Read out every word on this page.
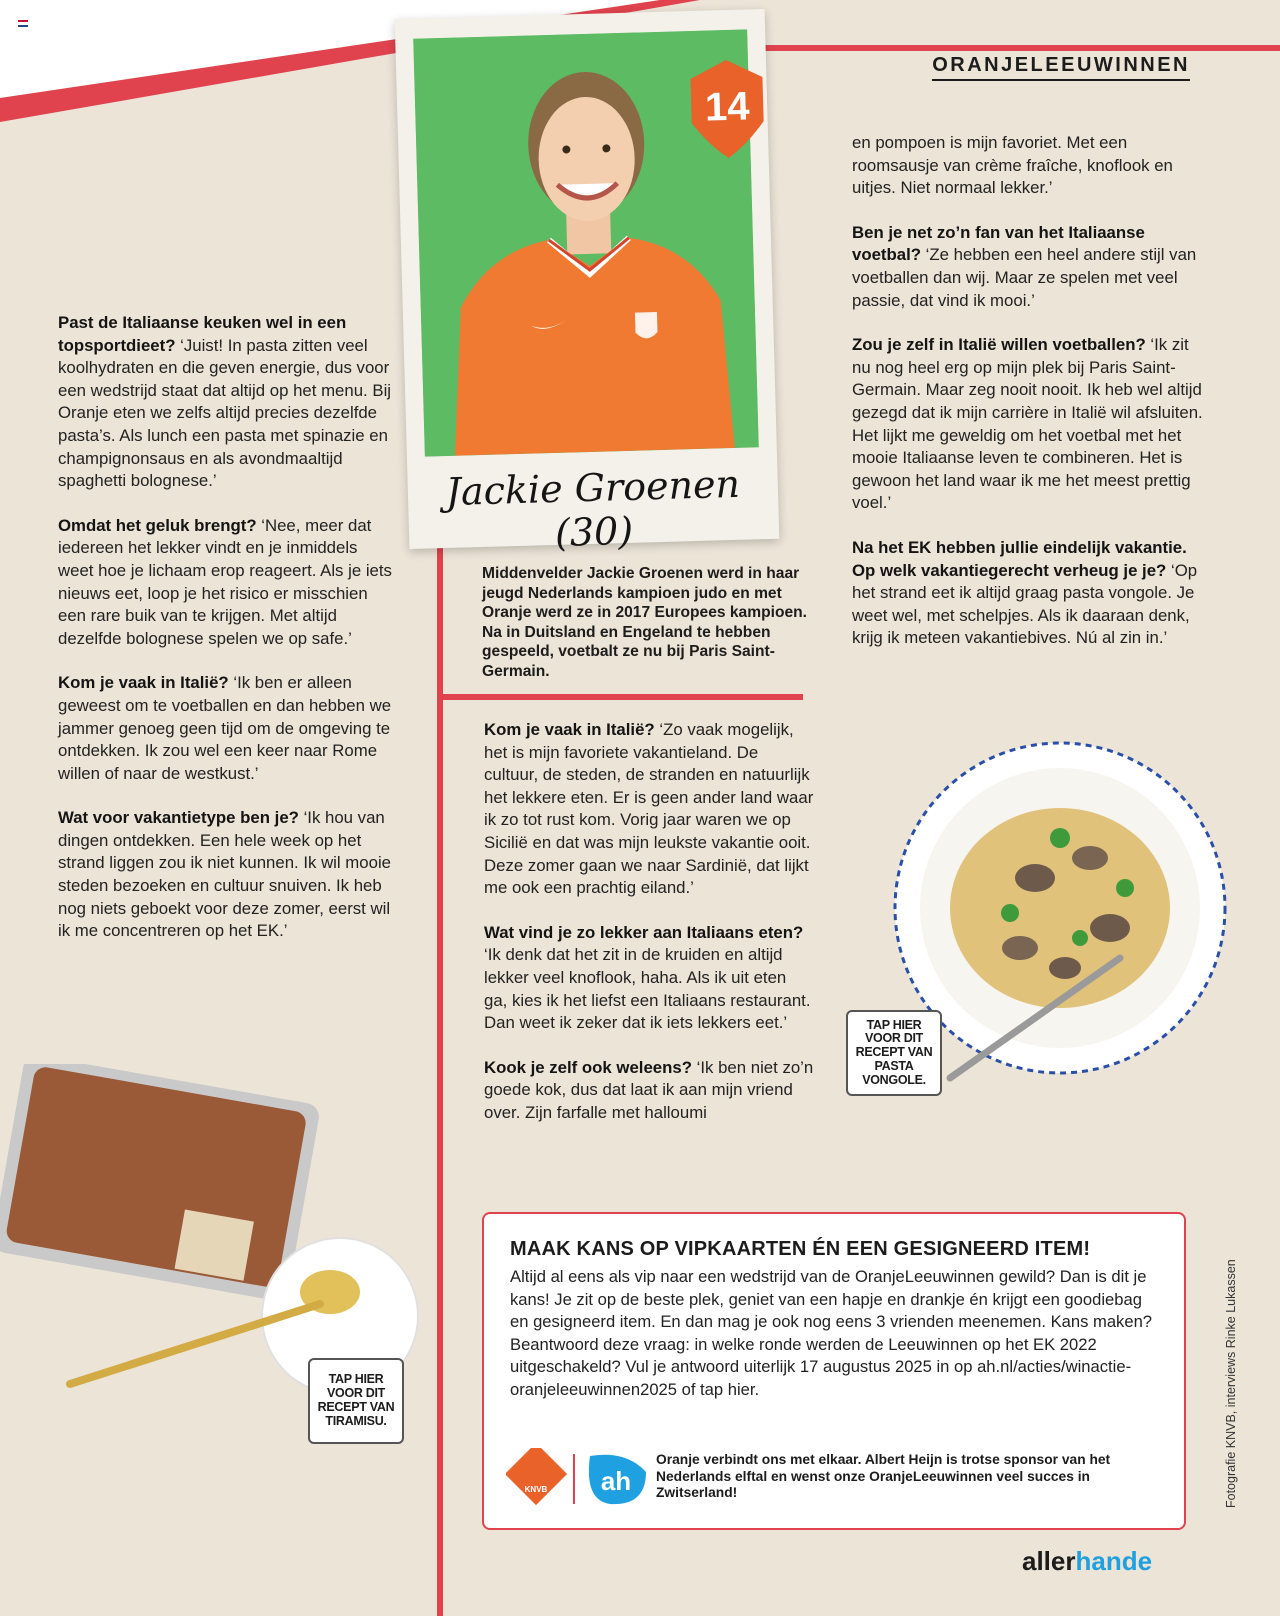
ORANJELEEUWINNEN
14
Jackie Groenen (30)
Middenvelder Jackie Groenen werd in haar jeugd Nederlands kampioen judo en met Oranje werd ze in 2017 Europees kampioen. Na in Duitsland en Engeland te hebben gespeeld, voetbalt ze nu bij Paris Saint-Germain.

Past de Italiaanse keuken wel in een topsportdieet? ‘Juist! In pasta zitten veel koolhydraten en die geven energie, dus voor een wedstrijd staat dat altijd op het menu. Bij Oranje eten we zelfs altijd precies dezelfde pasta’s. Als lunch een pasta met spinazie en champignonsaus en als avondmaaltijd spaghetti bolognese.’

Omdat het geluk brengt? ‘Nee, meer dat iedereen het lekker vindt en je inmiddels weet hoe je lichaam erop reageert. Als je iets nieuws eet, loop je het risico er misschien een rare buik van te krijgen. Met altijd dezelfde bolognese spelen we op safe.’

Kom je vaak in Italië? ‘Ik ben er alleen geweest om te voetballen en dan hebben we jammer genoeg geen tijd om de omgeving te ontdekken. Ik zou wel een keer naar Rome willen of naar de westkust.’

Wat voor vakantietype ben je? ‘Ik hou van dingen ontdekken. Een hele week op het strand liggen zou ik niet kunnen. Ik wil mooie steden bezoeken en cultuur snuiven. Ik heb nog niets geboekt voor deze zomer, eerst wil ik me concentreren op het EK.’

Kom je vaak in Italië? ‘Zo vaak mogelijk, het is mijn favoriete vakantieland. De cultuur, de steden, de stranden en natuurlijk het lekkere eten. Er is geen ander land waar ik zo tot rust kom. Vorig jaar waren we op Sicilië en dat was mijn leukste vakantie ooit. Deze zomer gaan we naar Sardinië, dat lijkt me ook een prachtig eiland.’

Wat vind je zo lekker aan Italiaans eten? ‘Ik denk dat het zit in de kruiden en altijd lekker veel knoflook, haha. Als ik uit eten ga, kies ik het liefst een Italiaans restaurant. Dan weet ik zeker dat ik iets lekkers eet.’

Kook je zelf ook weleens? ‘Ik ben niet zo’n goede kok, dus dat laat ik aan mijn vriend over. Zijn farfalle met halloumi

en pompoen is mijn favoriet. Met een roomsausje van crème fraîche, knoflook en uitjes. Niet normaal lekker.’

Ben je net zo’n fan van het Italiaanse voetbal? ‘Ze hebben een heel andere stijl van voetballen dan wij. Maar ze spelen met veel passie, dat vind ik mooi.’

Zou je zelf in Italië willen voetballen? ‘Ik zit nu nog heel erg op mijn plek bij Paris Saint-Germain. Maar zeg nooit nooit. Ik heb wel altijd gezegd dat ik mijn carrière in Italië wil afsluiten. Het lijkt me geweldig om het voetbal met het mooie Italiaanse leven te combineren. Het is gewoon het land waar ik me het meest prettig voel.’

Na het EK hebben jullie eindelijk vakantie. Op welk vakantiegerecht verheug je je? ‘Op het strand eet ik altijd graag pasta vongole. Je weet wel, met schelpjes. Als ik daaraan denk, krijg ik meteen vakantiebives. Nú al zin in.’

TAP HIER VOOR DIT RECEPT VAN PASTA VONGOLE.
TAP HIER VOOR DIT RECEPT VAN TIRAMISU.
MAAK KANS OP VIPKAARTEN ÉN EEN GESIGNEERD ITEM!
Altijd al eens als vip naar een wedstrijd van de OranjeLeeuwinnen gewild? Dan is dit je kans! Je zit op de beste plek, geniet van een hapje en drankje én krijgt een goodiebag en gesigneerd item. En dan mag je ook nog eens 3 vrienden meenemen. Kans maken? Beantwoord deze vraag: in welke ronde werden de Leeuwinnen op het EK 2022 uitgeschakeld? Vul je antwoord uiterlijk 17 augustus 2025 in op ah.nl/acties/winactie-oranjeleeuwinnen2025 of tap hier.
KNVB ah
Oranje verbindt ons met elkaar. Albert Heijn is trotse sponsor van het Nederlands elftal en wenst onze OranjeLeeuwinnen veel succes in Zwitserland!	Fotografie KNVB, interviews Rinke Lukassen
allerhande
